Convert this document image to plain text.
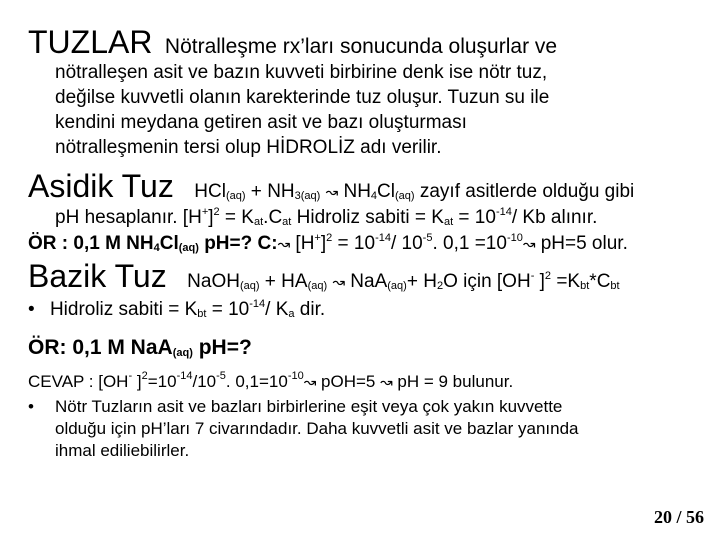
TUZLAR Nötralleşme rx’ları sonucunda oluşurlar ve
nötralleşen asit ve bazın kuvveti birbirine denk ise nötr tuz,
değilse kuvvetli olanın karekterinde tuz oluşur. Tuzun su ile
kendini meydana getiren asit ve bazı oluşturması
nötralleşmenin tersi olup HİDROLİZ adı verilir.
Asidik Tuz HCl(aq) + NH3(aq) ↝ NH4Cl(aq) zayıf asitlerde olduğu gibi
pH hesaplanır. $[H^+]^2 = Kat.Cat$ Hidroliz sabiti = Kat = $10^{-14}/$ Kb alınır.
ÖR : 0,1 M NH4Cl(aq) pH=? C:↝ $[H^+]^2 = 10^{-14}/$ $10^{-5}$. $0,1 =10^{-10}↝$ pH=5 olur.
Bazik Tuz NaOH(aq) + HA(aq) ↝ NaA(aq)+ H2O için [OH- ]$^2$ =Kbt*Cbt
• Hidroliz sabiti = Kbt = $10^{-14}/$ Ka dir.
ÖR: 0,1 M NaA(aq) pH=?
CEVAP : [OH- ]$^2=10^{-14}/10^{-5}$. $0,1=10^{-10}↝$ pOH=5 ↝ pH = 9 bulunur.
• Nötr Tuzların asit ve bazları birbirlerine eşit veya çok yakın kuvvette
olduğu için pH’ları 7 civarındadır. Daha kuvvetli asit ve bazlar yanında
ihmal ediliebilirler.
20 / 56
